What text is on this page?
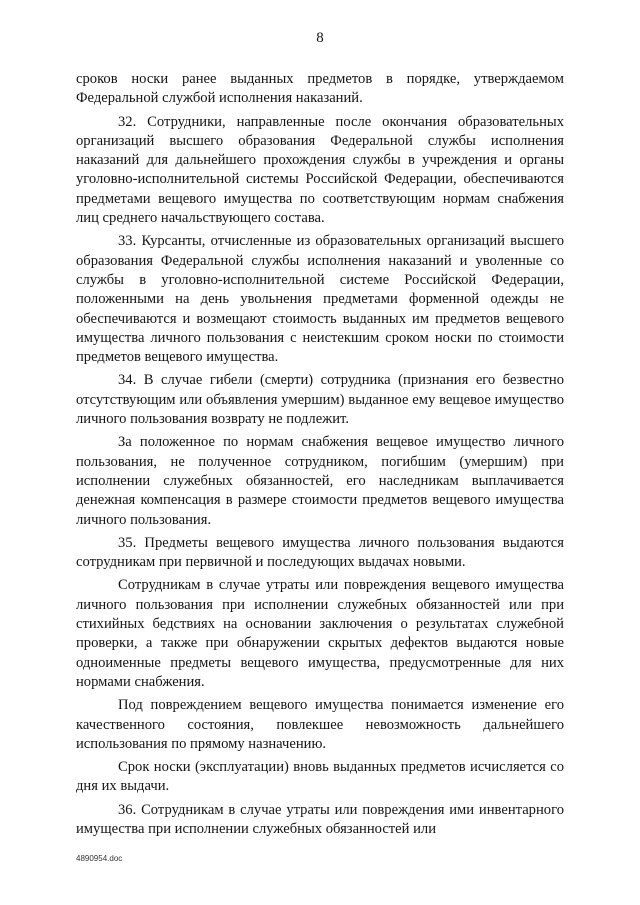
8

сроков носки ранее выданных предметов в порядке, утверждаемом Федеральной службой исполнения наказаний.

32. Сотрудники, направленные после окончания образовательных организаций высшего образования Федеральной службы исполнения наказаний для дальнейшего прохождения службы в учреждения и органы уголовно-исполнительной системы Российской Федерации, обеспечиваются предметами вещевого имущества по соответствующим нормам снабжения лиц среднего начальствующего состава.

33. Курсанты, отчисленные из образовательных организаций высшего образования Федеральной службы исполнения наказаний и уволенные со службы в уголовно-исполнительной системе Российской Федерации, положенными на день увольнения предметами форменной одежды не обеспечиваются и возмещают стоимость выданных им предметов вещевого имущества личного пользования с неистекшим сроком носки по стоимости предметов вещевого имущества.

34. В случае гибели (смерти) сотрудника (признания его безвестно отсутствующим или объявления умершим) выданное ему вещевое имущество личного пользования возврату не подлежит.

За положенное по нормам снабжения вещевое имущество личного пользования, не полученное сотрудником, погибшим (умершим) при исполнении служебных обязанностей, его наследникам выплачивается денежная компенсация в размере стоимости предметов вещевого имущества личного пользования.

35. Предметы вещевого имущества личного пользования выдаются сотрудникам при первичной и последующих выдачах новыми.

Сотрудникам в случае утраты или повреждения вещевого имущества личного пользования при исполнении служебных обязанностей или при стихийных бедствиях на основании заключения о результатах служебной проверки, а также при обнаружении скрытых дефектов выдаются новые одноименные предметы вещевого имущества, предусмотренные для них нормами снабжения.

Под повреждением вещевого имущества понимается изменение его качественного состояния, повлекшее невозможность дальнейшего использования по прямому назначению.

Срок носки (эксплуатации) вновь выданных предметов исчисляется со дня их выдачи.

36. Сотрудникам в случае утраты или повреждения ими инвентарного имущества при исполнении служебных обязанностей или

4890954.doc
